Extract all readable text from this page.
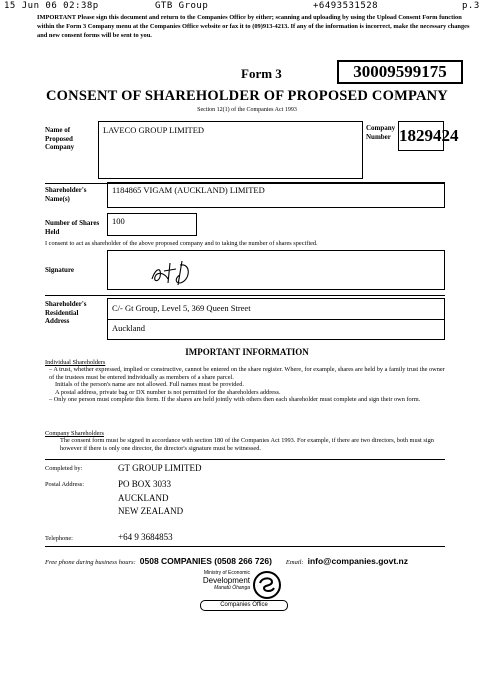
15 Jun 06 02:38p	GTB Group	+6493531528	p.3
IMPORTANT Please sign this document and return to the Companies Office by either; scanning and uploading by using the Upload Consent Form function within the Form 3 Company menu at the Companies Office website or fax it to (09)913-4213. If any of the information is incorrect, make the necessary changes and new consent forms will be sent to you.
Form 3	30009599175
CONSENT OF SHAREHOLDER OF PROPOSED COMPANY
Section 12(1) of the Companies Act 1993
Name of Proposed Company
LAVECO GROUP LIMITED	Company Number 1829424
Shareholder's Name(s)
1184865 VIGAM (AUCKLAND) LIMITED
Number of Shares Held
100
I consent to act as shareholder of the above proposed company and to taking the number of shares specified.
Signature
Shareholder's Residential Address
C/- Gt Group, Level 5, 369 Queen Street
Auckland
IMPORTANT INFORMATION
Individual Shareholders
– A trust, whether expressed, implied or constructive, cannot be entered on the share register. Where, for example, shares are held by a family trust the owner of the trustees must be entered individually as members of a share parcel.
Initials of the person's name are not allowed. Full names must be provided.
A postal address, private bag or DX number is not permitted for the shareholders address.
– Only one person must complete this form. If the shares are held jointly with others then each shareholder must complete and sign their own form.
Company Shareholders
The consent form must be signed in accordance with section 180 of the Companies Act 1993. For example, if there are two directors, both must sign however if there is only one director, the director's signature must be witnessed.
Completed by:	GT GROUP LIMITED
Postal Address:	PO BOX 3033
AUCKLAND
NEW ZEALAND
Telephone:	+64 9 3684853
Free phone during business hours: 0508 COMPANIES (0508 266 726) Email: info@companies.govt.nz
Ministry of Economic
Development
Manatū Ōhanga
Companies Office
